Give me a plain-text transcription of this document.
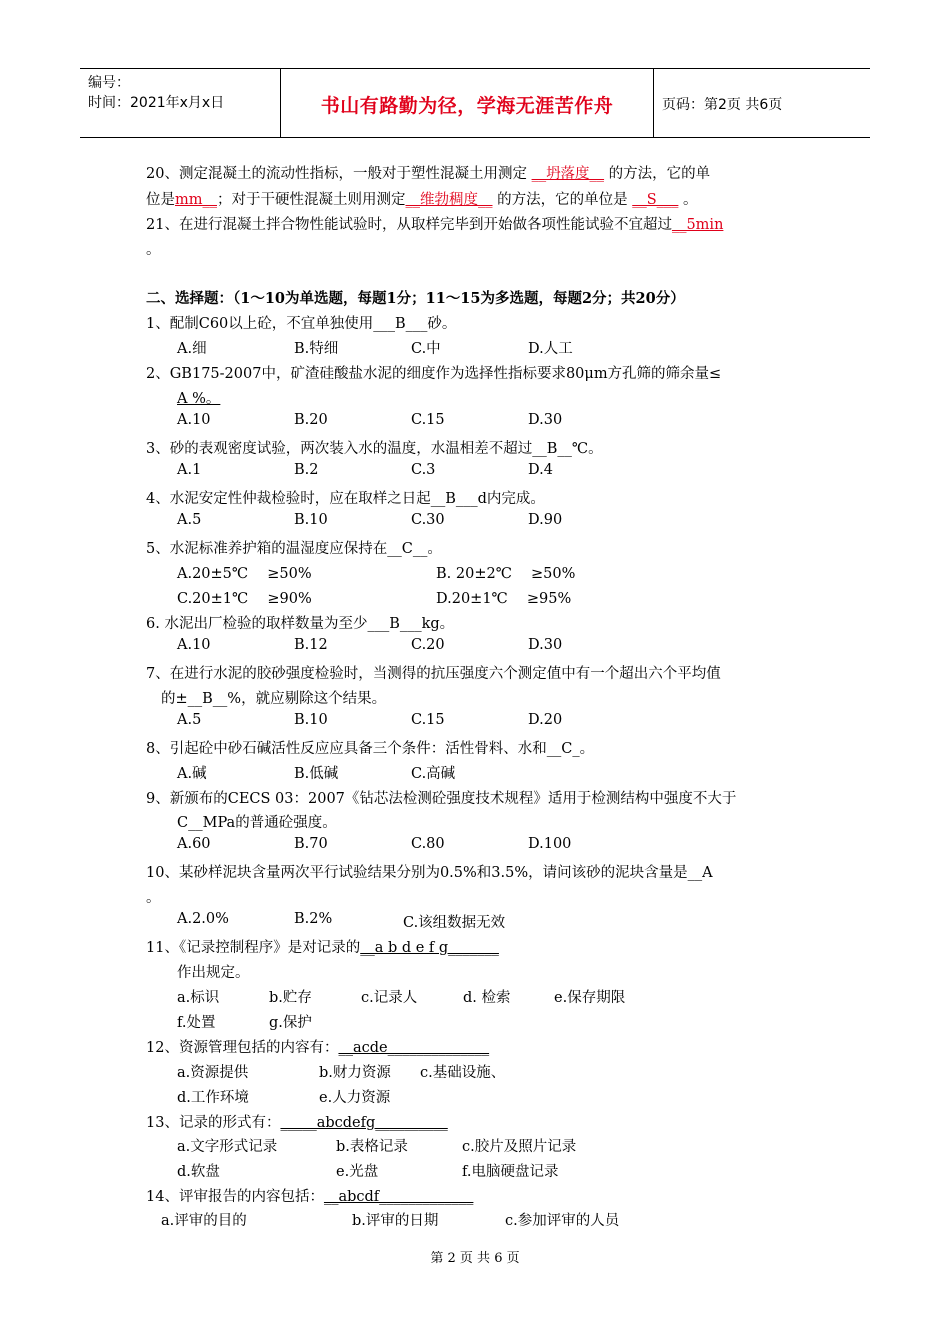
编号：
时间：2021年x月x日	书山有路勤为径，学海无涯苦作舟	页码：第2页 共6页
20、测定混凝土的流动性指标，一般对于塑性混凝土用测定 __坍落度__ 的方法，它的单
位是mm__；对于干硬性混凝土则用测定__维勃稠度__ 的方法，它的单位是 __S___ 。
21、在进行混凝土拌合物性能试验时，从取样完毕到开始做各项性能试验不宜超过__5min
。
二、选择题：（1～10为单选题，每题1分；11～15为多选题，每题2分；共20分）
1、配制C60以上砼，不宜单独使用___B___砂。
A.细	B.特细	C.中	D.人工
2、GB175-2007中，矿渣硅酸盐水泥的细度作为选择性指标要求80μm方孔筛的筛余量≤
A %。
A.10	B.20	C.15	D.30
3、砂的表观密度试验，两次装入水的温度，水温相差不超过__B__℃。
A.1	B.2	C.3	D.4
4、水泥安定性仲裁检验时，应在取样之日起__B___d内完成。
A.5	B.10	C.30	D.90
5、水泥标准养护箱的温湿度应保持在__C__。
A.20±5℃　 ≥50%	B. 20±2℃　 ≥50%
C.20±1℃　 ≥90%	D.20±1℃　 ≥95%
6. 水泥出厂检验的取样数量为至少___B___kg。
A.10	B.12	C.20	D.30
7、在进行水泥的胶砂强度检验时，当测得的抗压强度六个测定值中有一个超出六个平均值
的±__B__%，就应剔除这个结果。
A.5	B.10	C.15	D.20
8、引起砼中砂石碱活性反应应具备三个条件：活性骨料、水和__C_。
A.碱	B.低碱	C.高碱
9、新颁布的CECS 03：2007《钻芯法检测砼强度技术规程》适用于检测结构中强度不大于
C__MPa的普通砼强度。
A.60	B.70	C.80	D.100
10、某砂样泥块含量两次平行试验结果分别为0.5%和3.5%，请问该砂的泥块含量是__A
。
A.2.0%	B.2%	C.该组数据无效
11、《记录控制程序》是对记录的__a b d e f g_______
作出规定。
a.标识	b.贮存	c.记录人	d. 检索	e.保存期限
f.处置	g.保护
12、资源管理包括的内容有：__acde______________
a.资源提供	b.财力资源 c.基础设施、
d.工作环境	e.人力资源
13、记录的形式有：_____abcdefg__________
a.文字形式记录	b.表格记录	c.胶片及照片记录
d.软盘	e.光盘	f.电脑硬盘记录
14、评审报告的内容包括：__abcdf_____________
a.评审的目的	b.评审的日期	c.参加评审的人员
第 2 页 共 6 页
